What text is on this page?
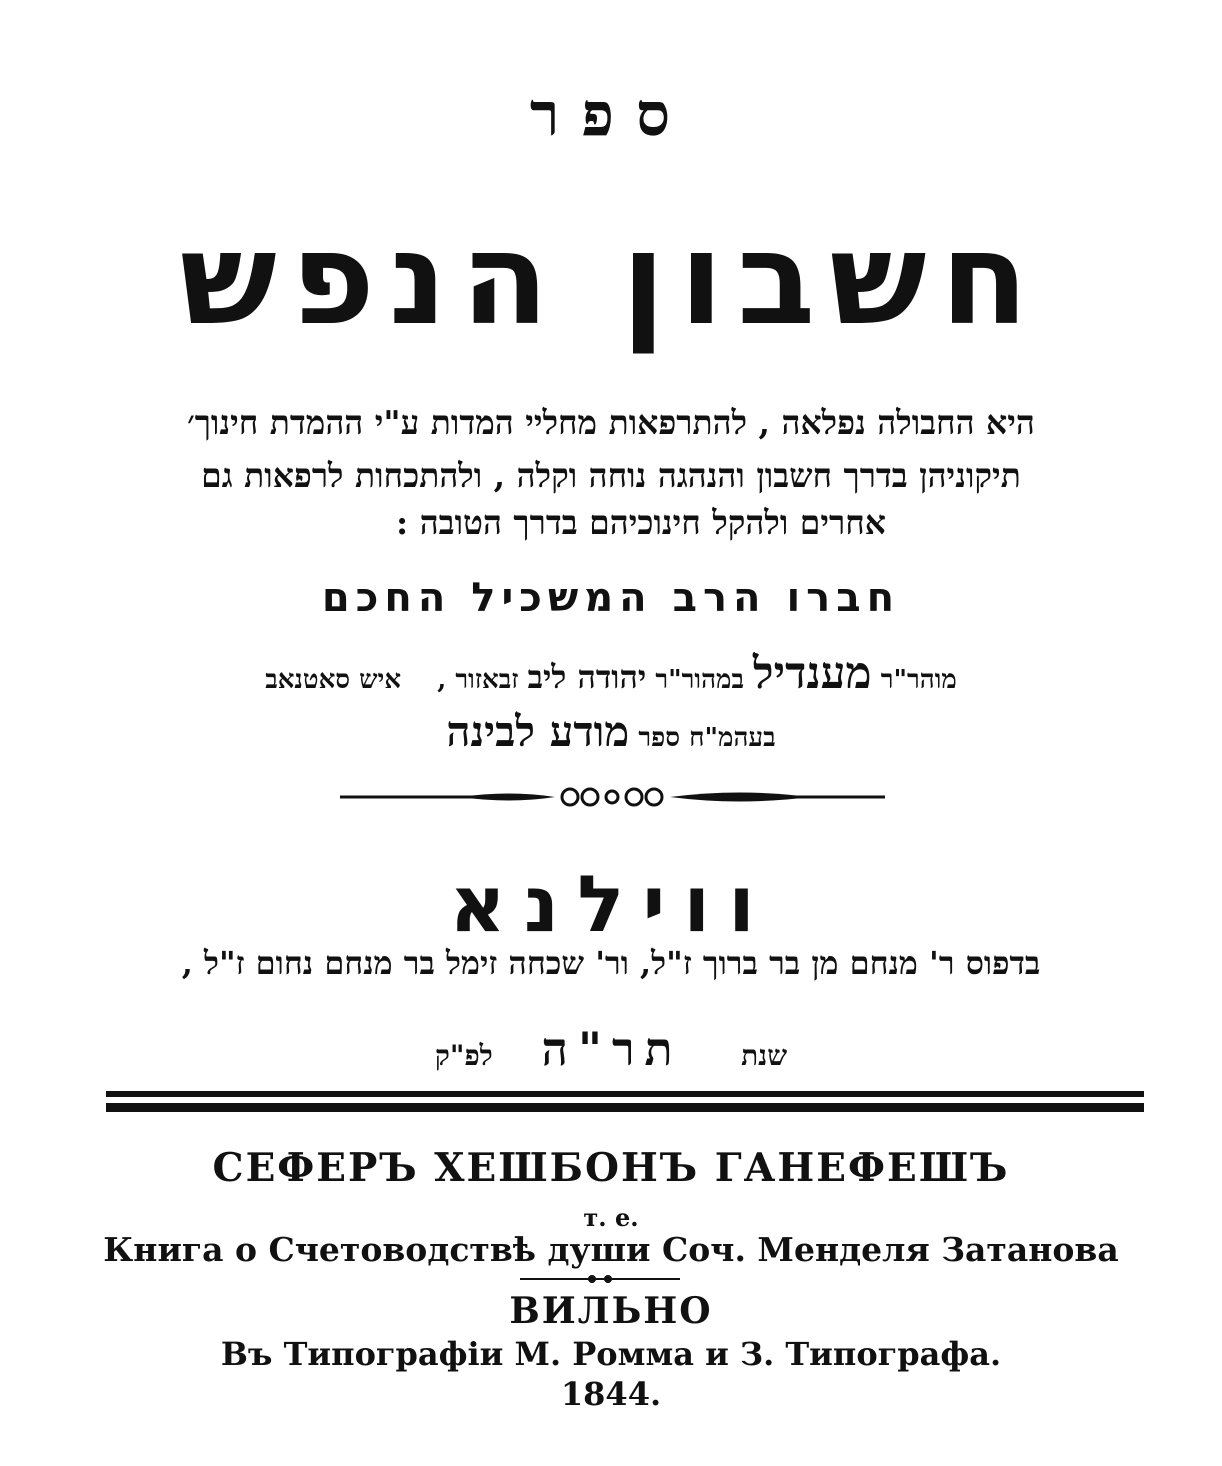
ספר
חשבון הנפש
היא החבולה נפלאה , להתרפאות מחליי המדות ע"י ההמדת חינוך׳
תיקוניהן בדרך חשבון והנהגה נוחה וקלה , ולהתכחות לרפאות גם
אחרים ולהקל חינוכיהם בדרך הטובה :
חברו הרב המשכיל החכם
מוהר"ר מענדיל במהור"ר יהודה ליב זבאזור ,    איש סאטנאב
בעהמ"ח ספר מודע לבינה
ווילנא
בדפוס ר' מנחם מן בר ברוך ז"ל, ור' שכחה זימל בר מנחם נחום ז"ל ,
שנת      תר"ה     לפ"ק
СЕФЕРЪ ХЕШБОНЪ ГАНЕФЕШЪ
т. е.
Книга о Счетоводствѣ души Соч. Менделя Затанова
ВИЛЬНО
Въ Типографіи М. Ромма и З. Типографа.
1844.
